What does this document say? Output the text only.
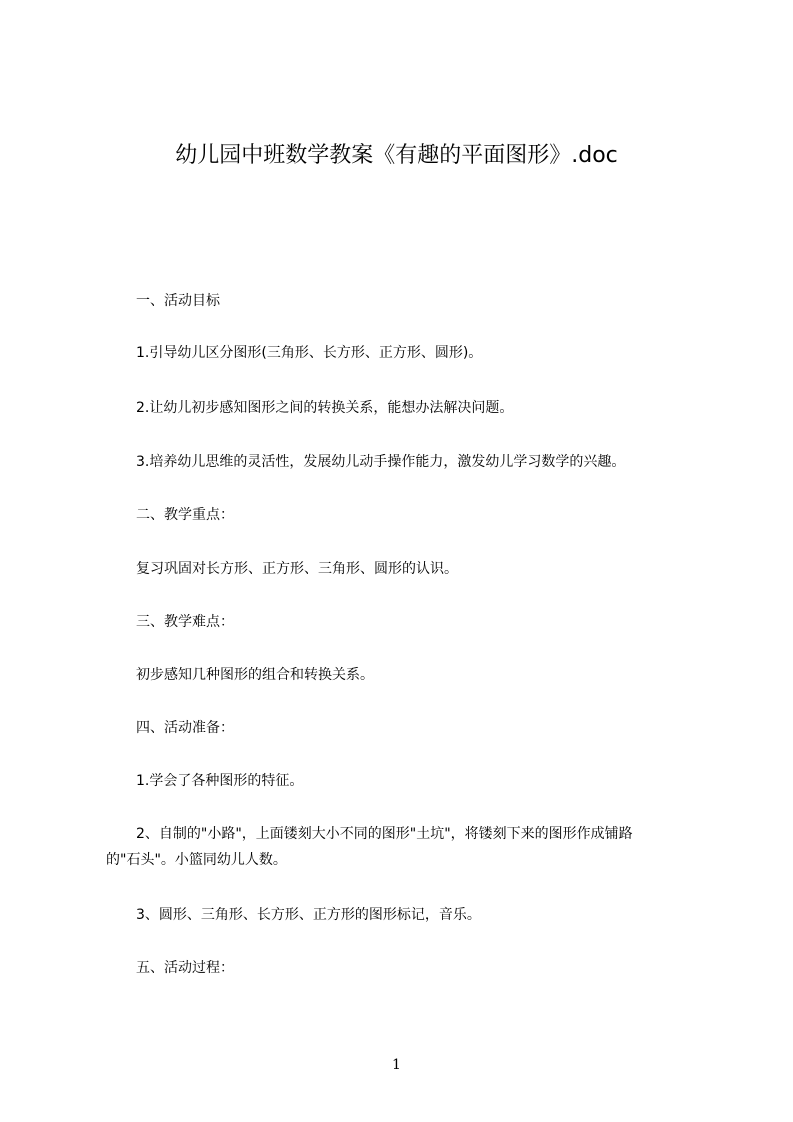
幼儿园中班数学教案《有趣的平面图形》.doc
一、活动目标
1.引导幼儿区分图形(三角形、长方形、正方形、圆形)。
2.让幼儿初步感知图形之间的转换关系，能想办法解决问题。
3.培养幼儿思维的灵活性，发展幼儿动手操作能力，激发幼儿学习数学的兴趣。
二、教学重点：
复习巩固对长方形、正方形、三角形、圆形的认识。
三、教学难点：
初步感知几种图形的组合和转换关系。
四、活动准备：
1.学会了各种图形的特征。
2、自制的"小路"，上面镂刻大小不同的图形"土坑"，将镂刻下来的图形作成铺路
的"石头"。小篮同幼儿人数。
3、圆形、三角形、长方形、正方形的图形标记，音乐。
五、活动过程：
1
